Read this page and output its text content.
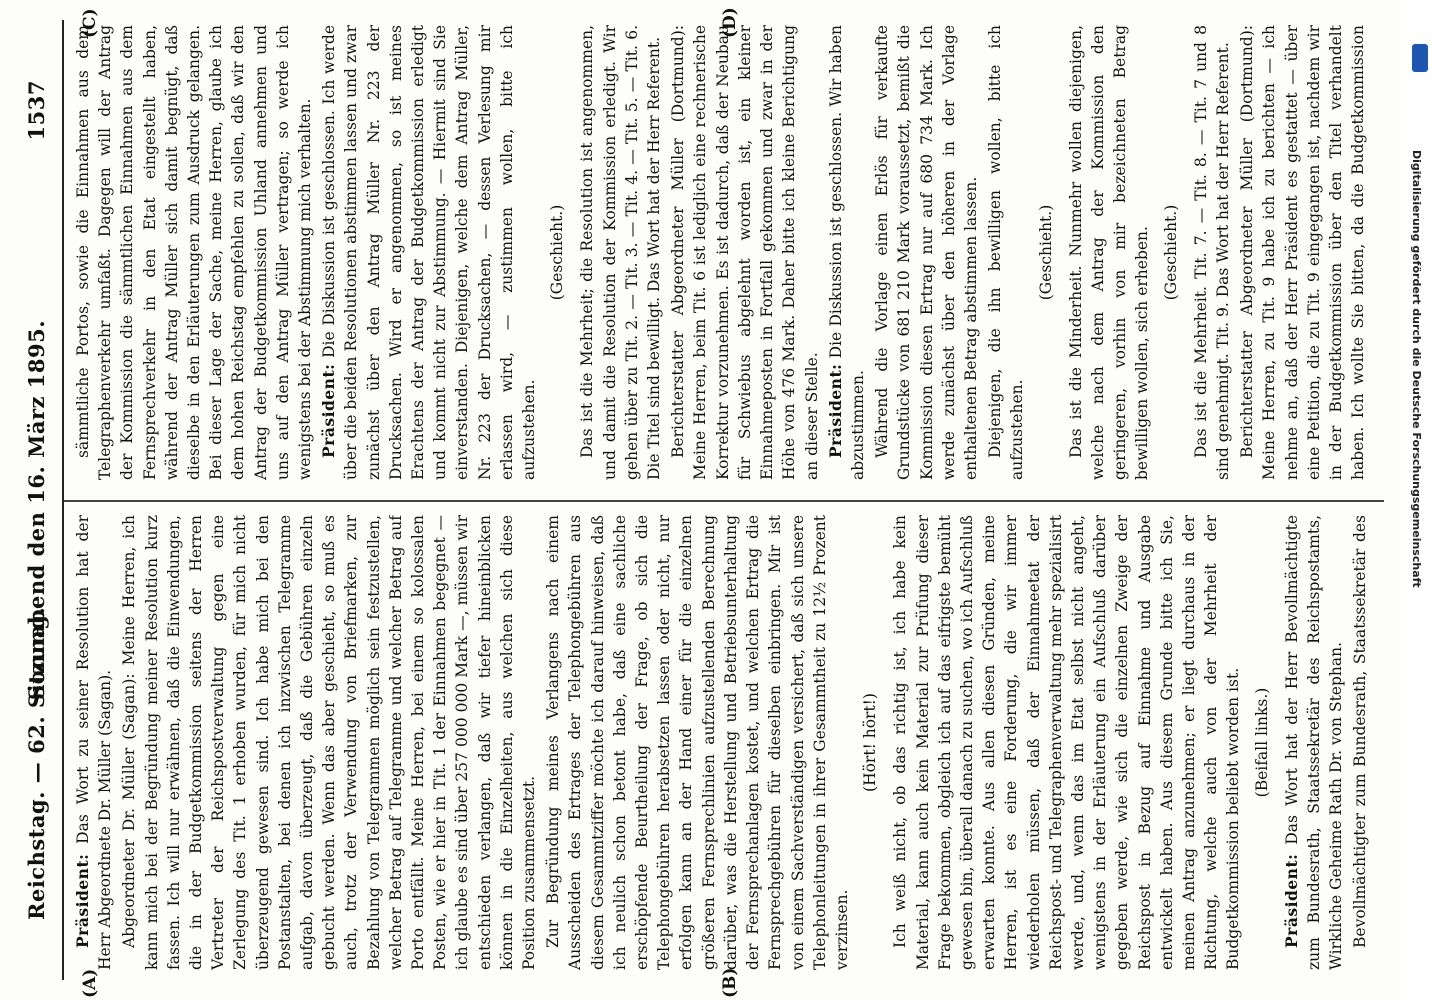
Reichstag. — 62. Sitzung.
Sonnabend den 16. März 1895.
1537
(A)	(B)
(C)	(D)

Präsident: Das Wort zu seiner Resolution hat der Herr Abgeordnete Dr. Müller (Sagan). Abgeordneter Dr. Müller (Sagan): Meine Herren, ich kann mich bei der Begründung meiner Resolution kurz fassen. Ich will nur erwähnen, daß die Einwendungen, die in der Budgetkommission seitens der Herren Vertreter der Reichspostverwaltung gegen eine Zerlegung des Tit. 1 erhoben wurden, für mich nicht überzeugend gewesen sind. Ich habe mich bei den Postanstalten, bei denen ich inzwischen Telegramme aufgab, davon überzeugt, daß die Gebühren einzeln gebucht werden. Wenn das aber geschieht, so muß es auch, trotz der Verwendung von Briefmarken, zur Bezahlung von Telegrammen möglich sein festzustellen, welcher Betrag auf Telegramme und welcher Betrag auf Porto entfällt. Meine Herren, bei einem so kolossalen Posten, wie er hier in Tit. 1 der Einnahmen begegnet — ich glaube es sind über 257 000 000 Mark —, müssen wir entschieden verlangen, daß wir tiefer hineinblicken können in die Einzelheiten, aus welchen sich diese Position zusammensetzt. Zur Begründung meines Verlangens nach einem Ausscheiden des Ertrages der Telephongebühren aus diesem Gesammtziffer möchte ich darauf hinweisen, daß ich neulich schon betont habe, daß eine sachliche erschöpfende Beurtheilung der Frage, ob sich die Telephongebühren herabsetzen lassen oder nicht, nur erfolgen kann an der Hand einer für die einzelnen größeren Fernsprechlinien aufzustellenden Berechnung darüber, was die Herstellung und Betriebsunterhaltung der Fernsprechanlagen kostet, und welchen Ertrag die Fernsprechgebühren für dieselben einbringen. Mir ist von einem Sachverständigen versichert, daß sich unsere Telephonleitungen in ihrer Gesammtheit zu 12½ Prozent verzinsen.

(Hört! hört!) Ich weiß nicht, ob das richtig ist, ich habe kein Material, kann auch kein Material zur Prüfung dieser Frage bekommen, obgleich ich auf das eifrigste bemüht gewesen bin, überall danach zu suchen, wo ich Aufschluß erwarten konnte. Aus allen diesen Gründen, meine Herren, ist es eine Forderung, die wir immer wiederholen müssen, daß der Einnahmeetat der Reichspost- und Telegraphenverwaltung mehr spezialisirt werde, und, wenn das im Etat selbst nicht angeht, wenigstens in der Erläuterung ein Aufschluß darüber gegeben werde, wie sich die einzelnen Zweige der Reichspost in Bezug auf Einnahme und Ausgabe entwickelt haben. Aus diesem Grunde bitte ich Sie, meinen Antrag anzunehmen; er liegt durchaus in der Richtung, welche auch von der Mehrheit der Budgetkommission beliebt worden ist. (Beifall links.)

Präsident: Das Wort hat der Herr Bevollmächtigte zum Bundesrath, Staatssekretär des Reichspostamts, Wirkliche Geheime Rath Dr. von Stephan. Bevollmächtigter zum Bundesrath, Staatssekretär des

sämmtliche Portos, sowie die Einnahmen aus dem Telegraphenverkehr umfaßt. Dagegen will der Antrag der Kommission die sämmtlichen Einnahmen aus dem Fernsprechverkehr in den Etat eingestellt haben, während der Antrag Müller sich damit begnügt, daß dieselbe in den Erläuterungen zum Ausdruck gelangen. Bei dieser Lage der Sache, meine Herren, glaube ich dem hohen Reichstag empfehlen zu sollen, daß wir den Antrag der Budgetkommission Uhland annehmen und uns auf den Antrag Müller vertragen; so werde ich wenigstens bei der Abstimmung mich verhalten. Präsident: Die Diskussion ist geschlossen. Ich werde über die beiden Resolutionen abstimmen lassen und zwar zunächst über den Antrag Müller Nr. 223 der Drucksachen. Wird er angenommen, so ist meines Erachtens der Antrag der Budgetkommission erledigt und kommt nicht zur Abstimmung. — Hiermit sind Sie einverstanden. Diejenigen, welche dem Antrag Müller, Nr. 223 der Drucksachen, — dessen Verlesung mir erlassen wird, — zustimmen wollen, bitte ich aufzustehen.

(Geschieht.) Das ist die Mehrheit; die Resolution ist angenommen, und damit die Resolution der Kommission erledigt. Wir gehen über zu Tit. 2. — Tit. 3. — Tit. 4. — Tit. 5. — Tit. 6. Die Titel sind bewilligt. Das Wort hat der Herr Referent. Berichterstatter Abgeordneter Müller (Dortmund): Meine Herren, beim Tit. 6 ist lediglich eine rechnerische Korrektur vorzunehmen. Es ist dadurch, daß der Neubau für Schwiebus abgelehnt worden ist, ein kleiner Einnahmeposten in Fortfall gekommen und zwar in der Höhe von 476 Mark. Daher bitte ich kleine Berichtigung an dieser Stelle. Präsident: Die Diskussion ist geschlossen. Wir haben abzustimmen. Während die Vorlage einen Erlös für verkaufte Grundstücke von 681 210 Mark voraussetzt, bemißt die Kommission diesen Ertrag nur auf 680 734 Mark. Ich werde zunächst über den höheren in der Vorlage enthaltenen Betrag abstimmen lassen. Diejenigen, die ihn bewilligen wollen, bitte ich aufzustehen.

(Geschieht.) Das ist die Minderheit. Nunmehr wollen diejenigen, welche nach dem Antrag der Kommission den geringeren, vorhin von mir bezeichneten Betrag bewilligen wollen, sich erheben. (Geschieht.) Das ist die Mehrheit. Tit. 7. — Tit. 8. — Tit. 7 und 8 sind genehmigt. Tit. 9. Das Wort hat der Herr Referent. Berichterstatter Abgeordneter Müller (Dortmund): Meine Herren, zu Tit. 9 habe ich zu berichten — ich nehme an, daß der Herr Präsident es gestattet — über eine Petition, die zu Tit. 9 eingegangen ist, nachdem wir in der Budgetkommission über den Titel verhandelt haben. Ich wollte Sie bitten, da die Budgetkommission

Digitalisierung gefördert durch die Deutsche Forschungsgemeinschaft
